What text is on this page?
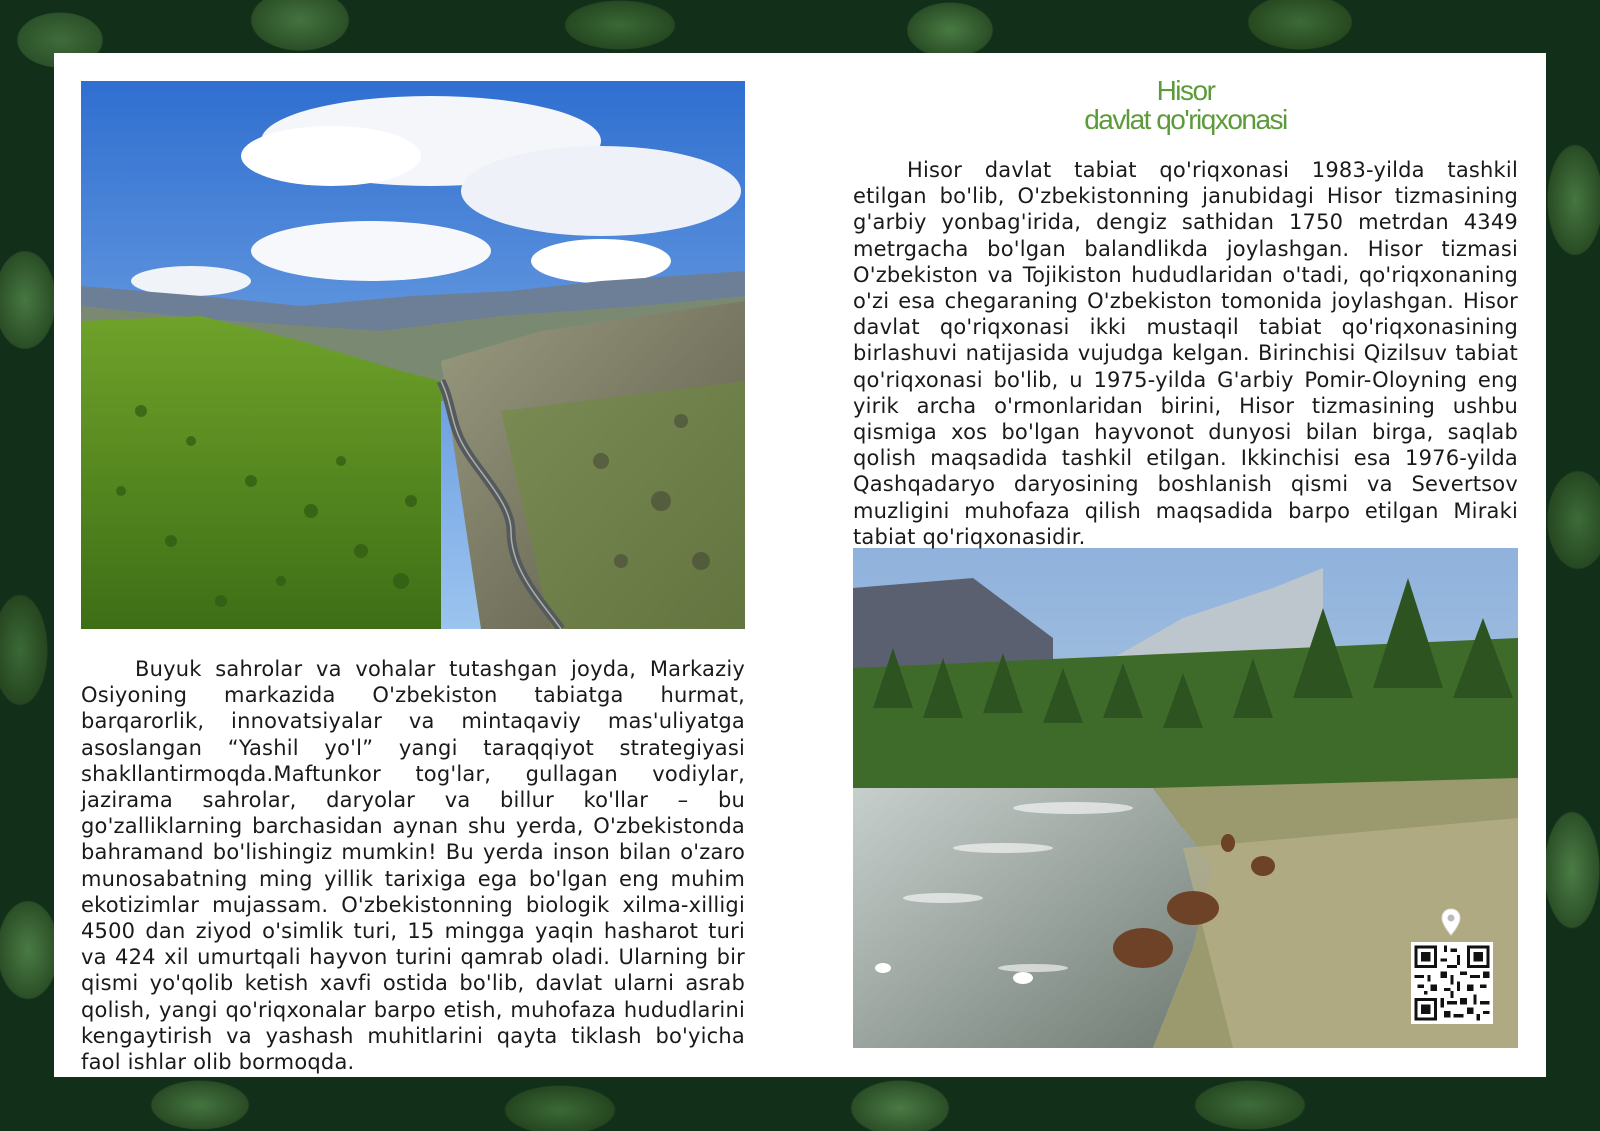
Hisor
davlat qo'riqxonasi
Hisor davlat tabiat qo'riqxonasi 1983-yilda tashkil etilgan bo'lib, O'zbekistonning janubidagi Hisor tizmasining g'arbiy yonbag'irida, dengiz sathidan 1750 metrdan 4349 metrgacha bo'lgan balandlikda joylashgan. Hisor tizmasi O'zbekiston va Tojikiston hududlaridan o'tadi, qo'riqxonaning o'zi esa chegaraning O'zbekiston tomonida joylashgan. Hisor davlat qo'riqxonasi ikki mustaqil tabiat qo'riqxonasining birlashuvi natijasida vujudga kelgan. Birinchisi Qizilsuv tabiat qo'riqxonasi bo'lib, u 1975-yilda G'arbiy Pomir-Oloyning eng yirik archa o'rmonlaridan birini, Hisor tizmasining ushbu qismiga xos bo'lgan hayvonot dunyosi bilan birga, saqlab qolish maqsadida tashkil etilgan. Ikkinchisi esa 1976-yilda Qashqadaryo daryosining boshlanish qismi va Severtsov muzligini muhofaza qilish maqsadida barpo etilgan Miraki tabiat qo'riqxonasidir.
Buyuk sahrolar va vohalar tutashgan joyda, Markaziy Osiyoning markazida O'zbekiston tabiatga hurmat, barqarorlik, innovatsiyalar va mintaqaviy mas'uliyatga asoslangan “Yashil yo'l” yangi taraqqiyot strategiyasi shakllantirmoqda.Maftunkor tog'lar, gullagan vodiylar, jazirama sahrolar, daryolar va billur ko'llar – bu go'zalliklarning barchasidan aynan shu yerda, O'zbekistonda bahramand bo'lishingiz mumkin! Bu yerda inson bilan o'zaro munosabatning ming yillik tarixiga ega bo'lgan eng muhim ekotizimlar mujassam. O'zbekistonning biologik xilma-xilligi 4500 dan ziyod o'simlik turi, 15 mingga yaqin hasharot turi va 424 xil umurtqali hayvon turini qamrab oladi. Ularning bir qismi yo'qolib ketish xavfi ostida bo'lib, davlat ularni asrab qolish, yangi qo'riqxonalar barpo etish, muhofaza hududlarini kengaytirish va yashash muhitlarini qayta tiklash bo'yicha faol ishlar olib bormoqda.
